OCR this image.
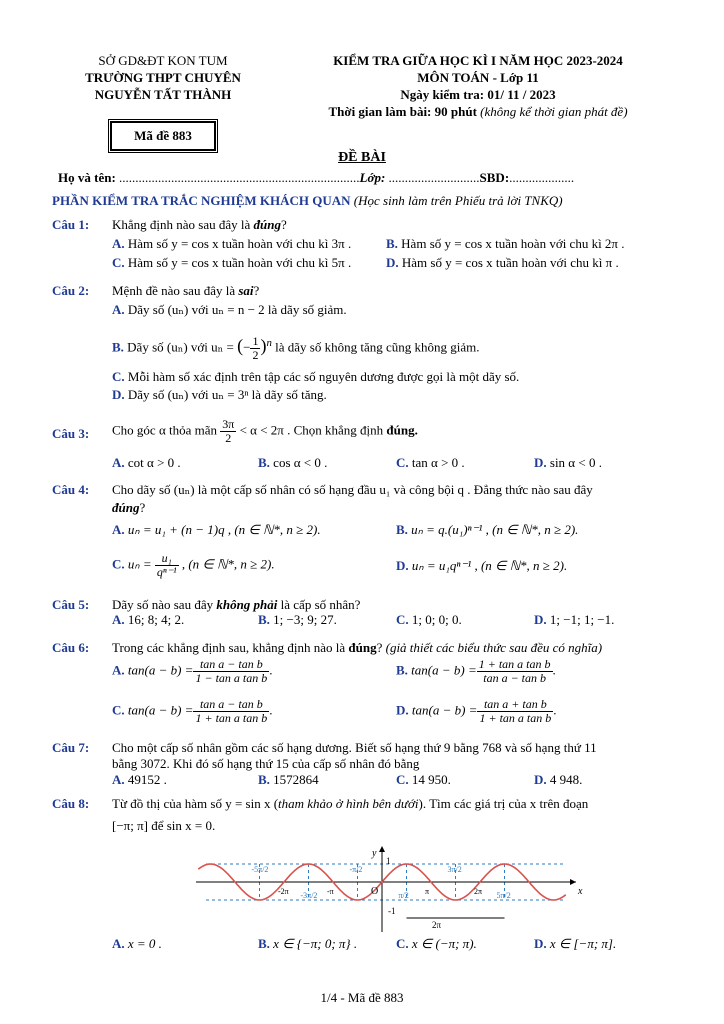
SỞ GD&ĐT KON TUM
TRƯỜNG THPT CHUYÊN
NGUYỄN TẤT THÀNH
KIỂM TRA GIỮA HỌC KÌ I NĂM HỌC 2023-2024
MÔN TOÁN - Lớp 11
Ngày kiểm tra: 01/ 11 / 2023
Thời gian làm bài: 90 phút (không kể thời gian phát đề)
Mã đề 883
ĐỀ BÀI
Họ và tên: ..........................................................................Lớp: ............................SBD:....................
PHẦN KIỂM TRA TRẮC NGHIỆM KHÁCH QUAN (Học sinh làm trên Phiếu trả lời TNKQ)
Câu 1: Khẳng định nào sau đây là đúng?
A. Hàm số y = cos x tuần hoàn với chu kì 3π .	B. Hàm số y = cos x tuần hoàn với chu kì 2π .
C. Hàm số y = cos x tuần hoàn với chu kì 5π .	D. Hàm số y = cos x tuần hoàn với chu kì π .
Câu 2: Mệnh đề nào sau đây là sai?
A. Dãy số (uₙ) với uₙ = n − 2 là dãy số giảm.
B. Dãy số (uₙ) với uₙ = (− $\frac{1}{2} )^n$ là dãy số không tăng cũng không giảm.
C. Mỗi hàm số xác định trên tập các số nguyên dương được gọi là một dãy số.
D. Dãy số (uₙ) với uₙ = 3ⁿ là dãy số tăng.
Câu 3: Cho góc α thỏa mãn $\frac{3\pi}{2} < \alpha < 2\pi$ . Chọn khẳng định đúng.
A. cot α > 0 .	B. cos α < 0 .	C. tan α > 0 .	D. sin α < 0 .
Câu 4: Cho dãy số (uₙ) là một cấp số nhân có số hạng đầu u₁ và công bội q . Đẳng thức nào sau đây
đúng?
A. uₙ = u₁ + (n − 1)q , (n ∈ ℕ*, n ≥ 2).	B. uₙ = q.(u₁)ⁿ⁻¹ , (n ∈ ℕ*, n ≥ 2).
C. $u_n = \frac{\text{u₁}}{\text{qⁿ⁻¹}}$ , (n ∈ ℕ*, n ≥ 2).	D. uₙ = u₁qⁿ⁻¹ , (n ∈ ℕ*, n ≥ 2).
Câu 5: Dãy số nào sau đây không phải là cấp số nhân?
A. 16; 8; 4; 2.	B. 1; −3; 9; 27.	C. 1; 0; 0; 0.	D. 1; −1; 1; −1.
Câu 6: Trong các khẳng định sau, khẳng định nào là đúng? (giả thiết các biểu thức sau đều có nghĩa)
A. $\tan(a - b) = \frac{\text{tan a − tan b}}{\text{1 − tan a tan b}}$ .	B. $\tan(a - b) = \frac{\text{1 + tan a tan b}}{\text{tan a − tan b}}$ .
C. $\tan(a - b) = \frac{\text{tan a − tan b}}{\text{1 + tan a tan b}}$ .	D. $\tan(a - b) = \frac{\text{tan a + tan b}}{\text{1 + tan a tan b}}$ .
Câu 7: Cho một cấp số nhân gồm các số hạng dương. Biết số hạng thứ 9 bằng 768 và số hạng thứ 11
bằng 3072. Khi đó số hạng thứ 15 của cấp số nhân đó bằng
A. 49152 .	B. 1572864	C. 14 950.	D. 4 948.
Câu 8: Từ đồ thị của hàm số y = sin x (tham khảo ở hình bên dưới). Tìm các giá trị của x trên đoạn
[−π; π] để sin x = 0.
-5π/2
-3π/2
-π/2
π/2
3π/2
5π/2
-2π	-π	π	2π	x
y
O
1
-1
2π
A. x = 0 .	B. x ∈ {−π; 0; π} .	C. x ∈ (−π; π).	D. x ∈ [−π; π].
1/4 - Mã đề 883
